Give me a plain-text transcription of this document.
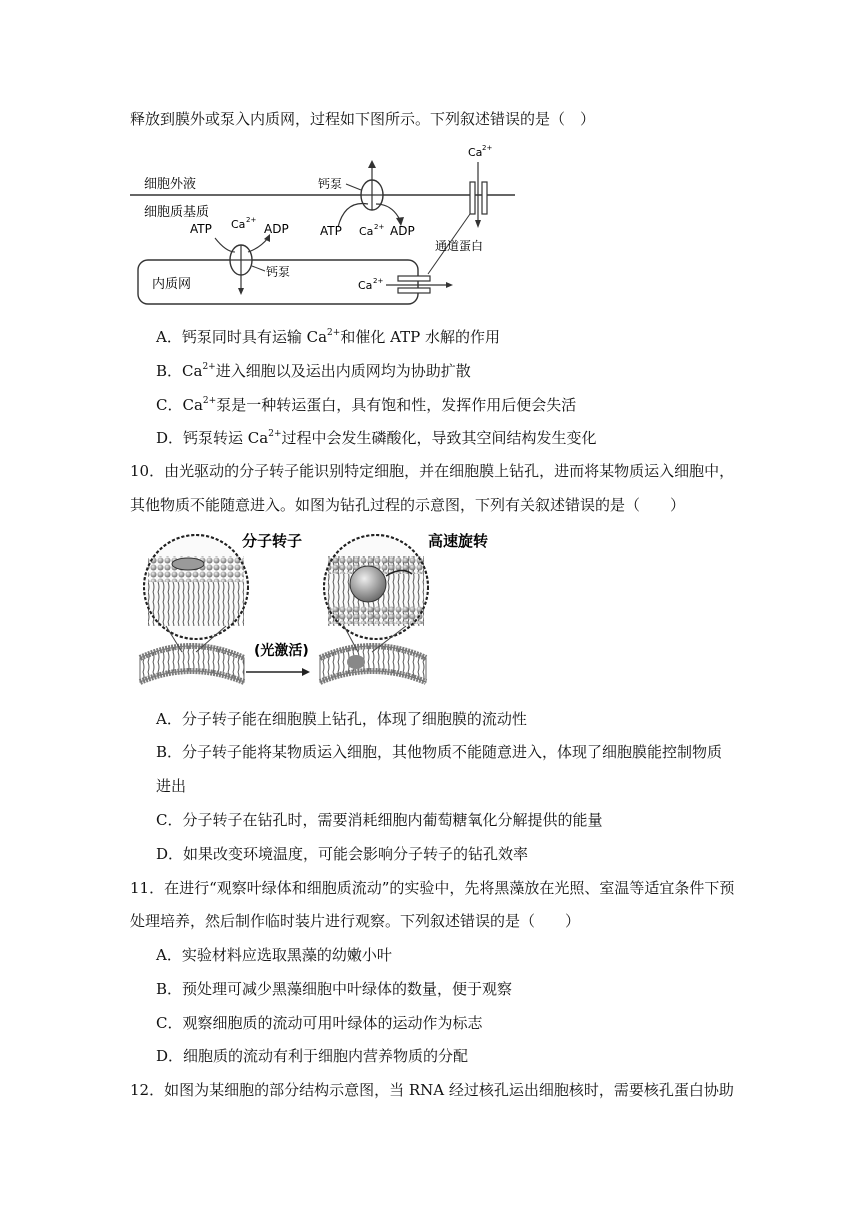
释放到膜外或泵入内质网，过程如下图所示。下列叙述错误的是（　）
细胞外液
细胞质基质
钙泵
ATP Ca 2+ ADP
Ca 2+
通道蛋白
内质网
ATP Ca 2+
ADP
钙泵
Ca 2+
A．钙泵同时具有运输 $Ca^{2+}$和催化 ATP 水解的作用
B．$Ca^{2+}$进入细胞以及运出内质网均为协助扩散
C．$Ca^{2+}$泵是一种转运蛋白，具有饱和性，发挥作用后便会失活
D．钙泵转运 $Ca^{2+}$过程中会发生磷酸化，导致其空间结构发生变化
10．由光驱动的分子转子能识别特定细胞，并在细胞膜上钻孔，进而将某物质运入细胞中，
其他物质不能随意进入。如图为钻孔过程的示意图，下列有关叙述错误的是（　　）
分子转子
(光激活)
高速旋转
A．分子转子能在细胞膜上钻孔，体现了细胞膜的流动性
B．分子转子能将某物质运入细胞，其他物质不能随意进入，体现了细胞膜能控制物质
进出
C．分子转子在钻孔时，需要消耗细胞内葡萄糖氧化分解提供的能量
D．如果改变环境温度，可能会影响分子转子的钻孔效率
11．在进行“观察叶绿体和细胞质流动”的实验中，先将黑藻放在光照、室温等适宜条件下预
处理培养，然后制作临时装片进行观察。下列叙述错误的是（　　）
A．实验材料应选取黑藻的幼嫩小叶
B．预处理可减少黑藻细胞中叶绿体的数量，便于观察
C．观察细胞质的流动可用叶绿体的运动作为标志
D．细胞质的流动有利于细胞内营养物质的分配
12．如图为某细胞的部分结构示意图，当 RNA 经过核孔运出细胞核时，需要核孔蛋白协助
